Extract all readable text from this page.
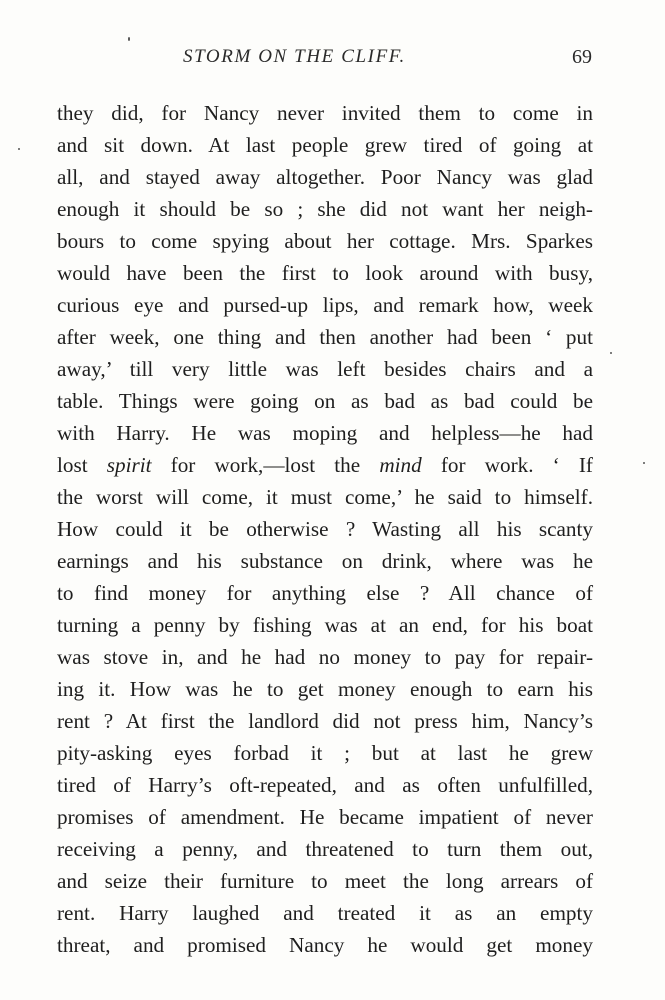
STORM ON THE CLIFF.	69
they did, for Nancy never invited them to come in
and sit down. At last people grew tired of going at
all, and stayed away altogether. Poor Nancy was glad
enough it should be so ; she did not want her neigh-
bours to come spying about her cottage. Mrs. Sparkes
would have been the first to look around with busy,
curious eye and pursed-up lips, and remark how, week
after week, one thing and then another had been ‘ put
away,’ till very little was left besides chairs and a
table. Things were going on as bad as bad could be
with Harry. He was moping and helpless—he had
lost spirit for work,—lost the mind for work. ‘ If
the worst will come, it must come,’ he said to himself.
How could it be otherwise ? Wasting all his scanty
earnings and his substance on drink, where was he
to find money for anything else ? All chance of
turning a penny by fishing was at an end, for his boat
was stove in, and he had no money to pay for repair-
ing it. How was he to get money enough to earn his
rent ? At first the landlord did not press him, Nancy’s
pity-asking eyes forbad it ; but at last he grew
tired of Harry’s oft-repeated, and as often unfulfilled,
promises of amendment. He became impatient of never
receiving a penny, and threatened to turn them out,
and seize their furniture to meet the long arrears of
rent. Harry laughed and treated it as an empty
threat, and promised Nancy he would get money
